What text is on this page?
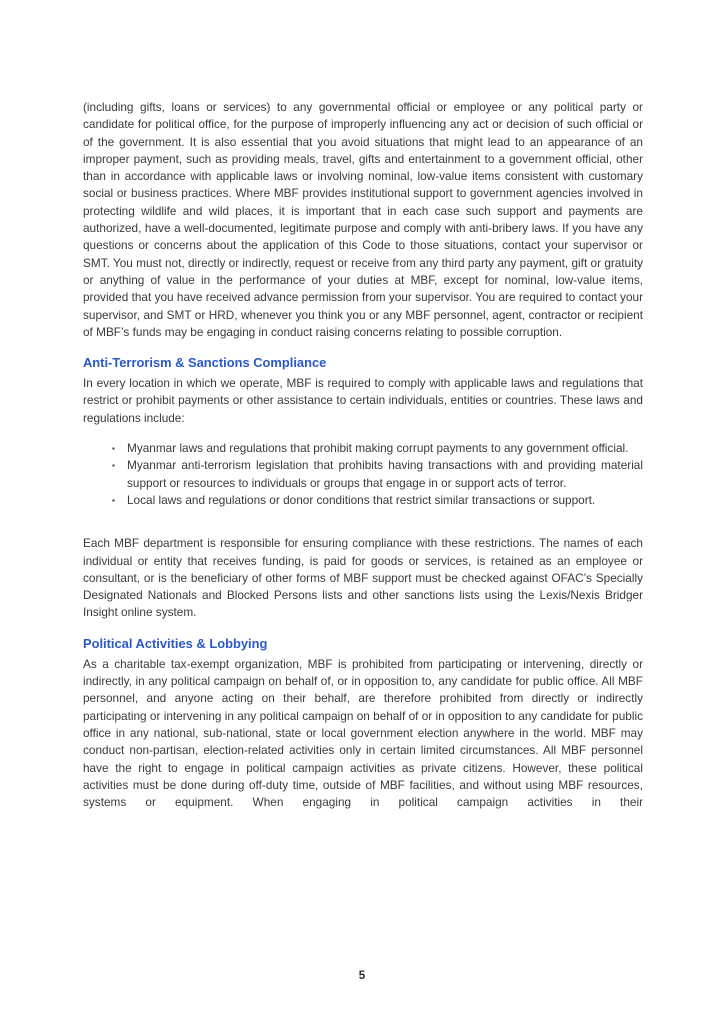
(including gifts, loans or services) to any governmental official or employee or any political party or candidate for political office, for the purpose of improperly influencing any act or decision of such official or of the government. It is also essential that you avoid situations that might lead to an appearance of an improper payment, such as providing meals, travel, gifts and entertainment to a government official, other than in accordance with applicable laws or involving nominal, low-value items consistent with customary social or business practices. Where MBF provides institutional support to government agencies involved in protecting wildlife and wild places, it is important that in each case such support and payments are authorized, have a well-documented, legitimate purpose and comply with anti-bribery laws. If you have any questions or concerns about the application of this Code to those situations, contact your supervisor or SMT. You must not, directly or indirectly, request or receive from any third party any payment, gift or gratuity or anything of value in the performance of your duties at MBF, except for nominal, low-value items, provided that you have received advance permission from your supervisor. You are required to contact your supervisor, and SMT or HRD, whenever you think you or any MBF personnel, agent, contractor or recipient of MBF’s funds may be engaging in conduct raising concerns relating to possible corruption.

Anti-Terrorism & Sanctions Compliance

In every location in which we operate, MBF is required to comply with applicable laws and regulations that restrict or prohibit payments or other assistance to certain individuals, entities or countries. These laws and regulations include:

▪	Myanmar laws and regulations that prohibit making corrupt payments to any government official.
▪	Myanmar anti-terrorism legislation that prohibits having transactions with and providing material support or resources to individuals or groups that engage in or support acts of terror.
▪	Local laws and regulations or donor conditions that restrict similar transactions or support.

Each MBF department is responsible for ensuring compliance with these restrictions. The names of each individual or entity that receives funding, is paid for goods or services, is retained as an employee or consultant, or is the beneficiary of other forms of MBF support must be checked against OFAC’s Specially Designated Nationals and Blocked Persons lists and other sanctions lists using the Lexis/Nexis Bridger Insight online system.

Political Activities & Lobbying

As a charitable tax-exempt organization, MBF is prohibited from participating or intervening, directly or indirectly, in any political campaign on behalf of, or in opposition to, any candidate for public office. All MBF personnel, and anyone acting on their behalf, are therefore prohibited from directly or indirectly participating or intervening in any political campaign on behalf of or in opposition to any candidate for public office in any national, sub-national, state or local government election anywhere in the world. MBF may conduct non-partisan, election-related activities only in certain limited circumstances. All MBF personnel have the right to engage in political campaign activities as private citizens. However, these political activities must be done during off-duty time, outside of MBF facilities, and without using MBF resources, systems or equipment. When engaging in political campaign activities in their

5
